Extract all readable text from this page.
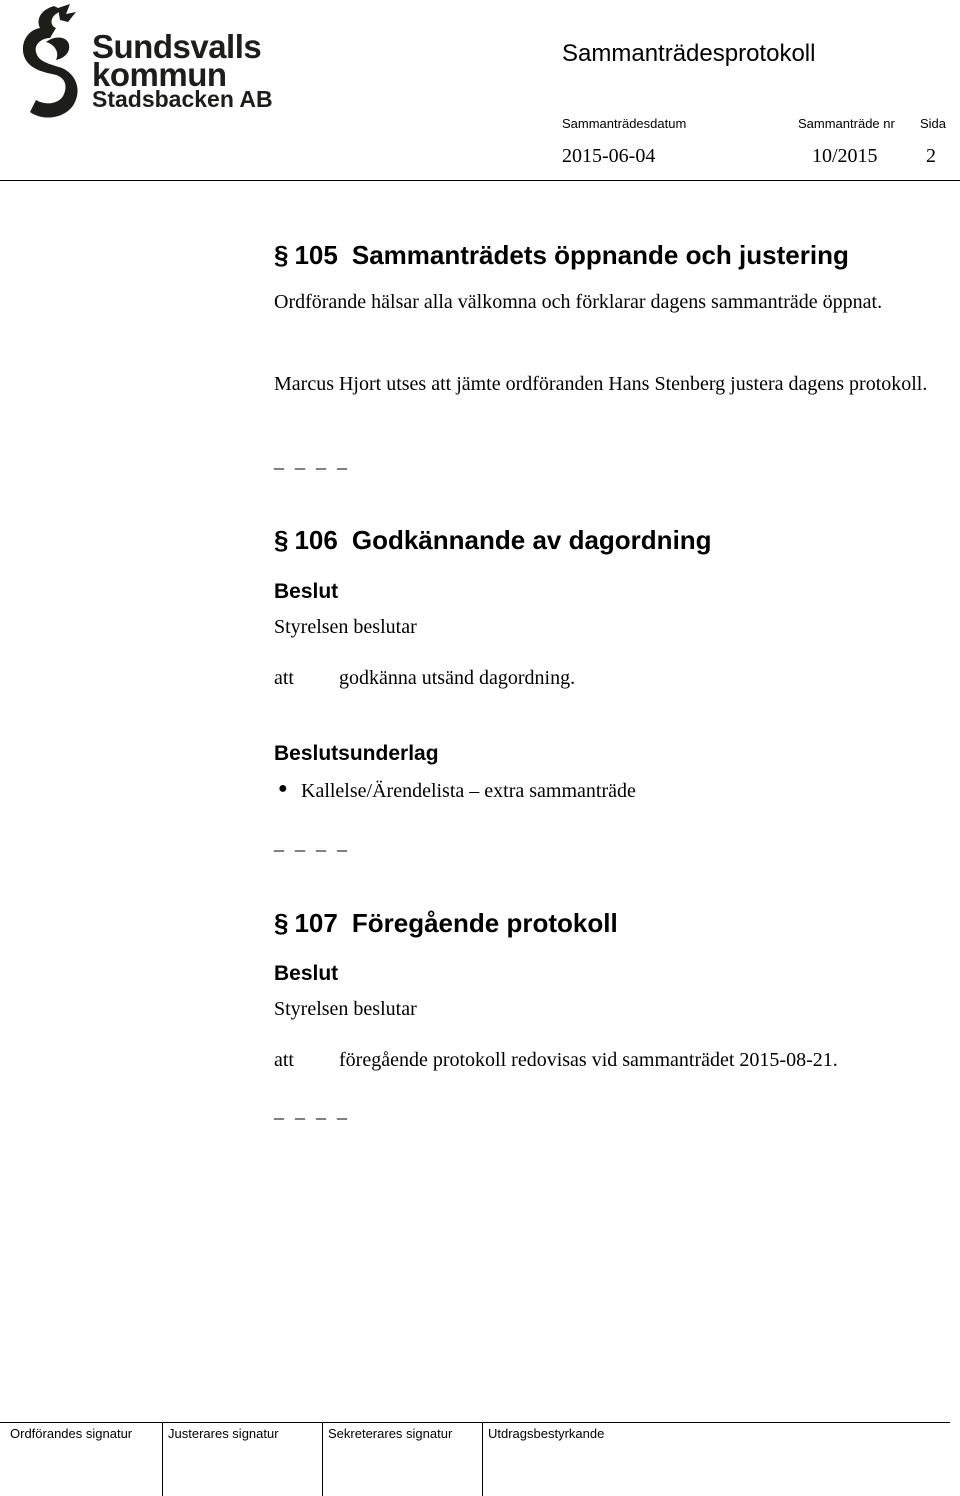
Sundsvalls
kommun
Stadsbacken AB
Sammanträdesprotokoll
Sammanträdesdatum	Sammanträde nr Sida
2015-06-04	10/2015 2
§ 105 Sammanträdets öppnande och justering
Ordförande hälsar alla välkomna och förklarar dagens sammanträde öppnat.
Marcus Hjort utses att jämte ordföranden Hans Stenberg justera dagens protokoll.
_ _ _ _
§ 106 Godkännande av dagordning
Beslut
Styrelsen beslutar
att godkänna utsänd dagordning.
Beslutsunderlag
● Kallelse/Ärendelista – extra sammanträde
_ _ _ _
§ 107 Föregående protokoll
Beslut
Styrelsen beslutar
att föregående protokoll redovisas vid sammanträdet 2015-08-21.
_ _ _ _
Ordförandes signatur	Justerares signatur	Sekreterares signatur	Utdragsbestyrkande
